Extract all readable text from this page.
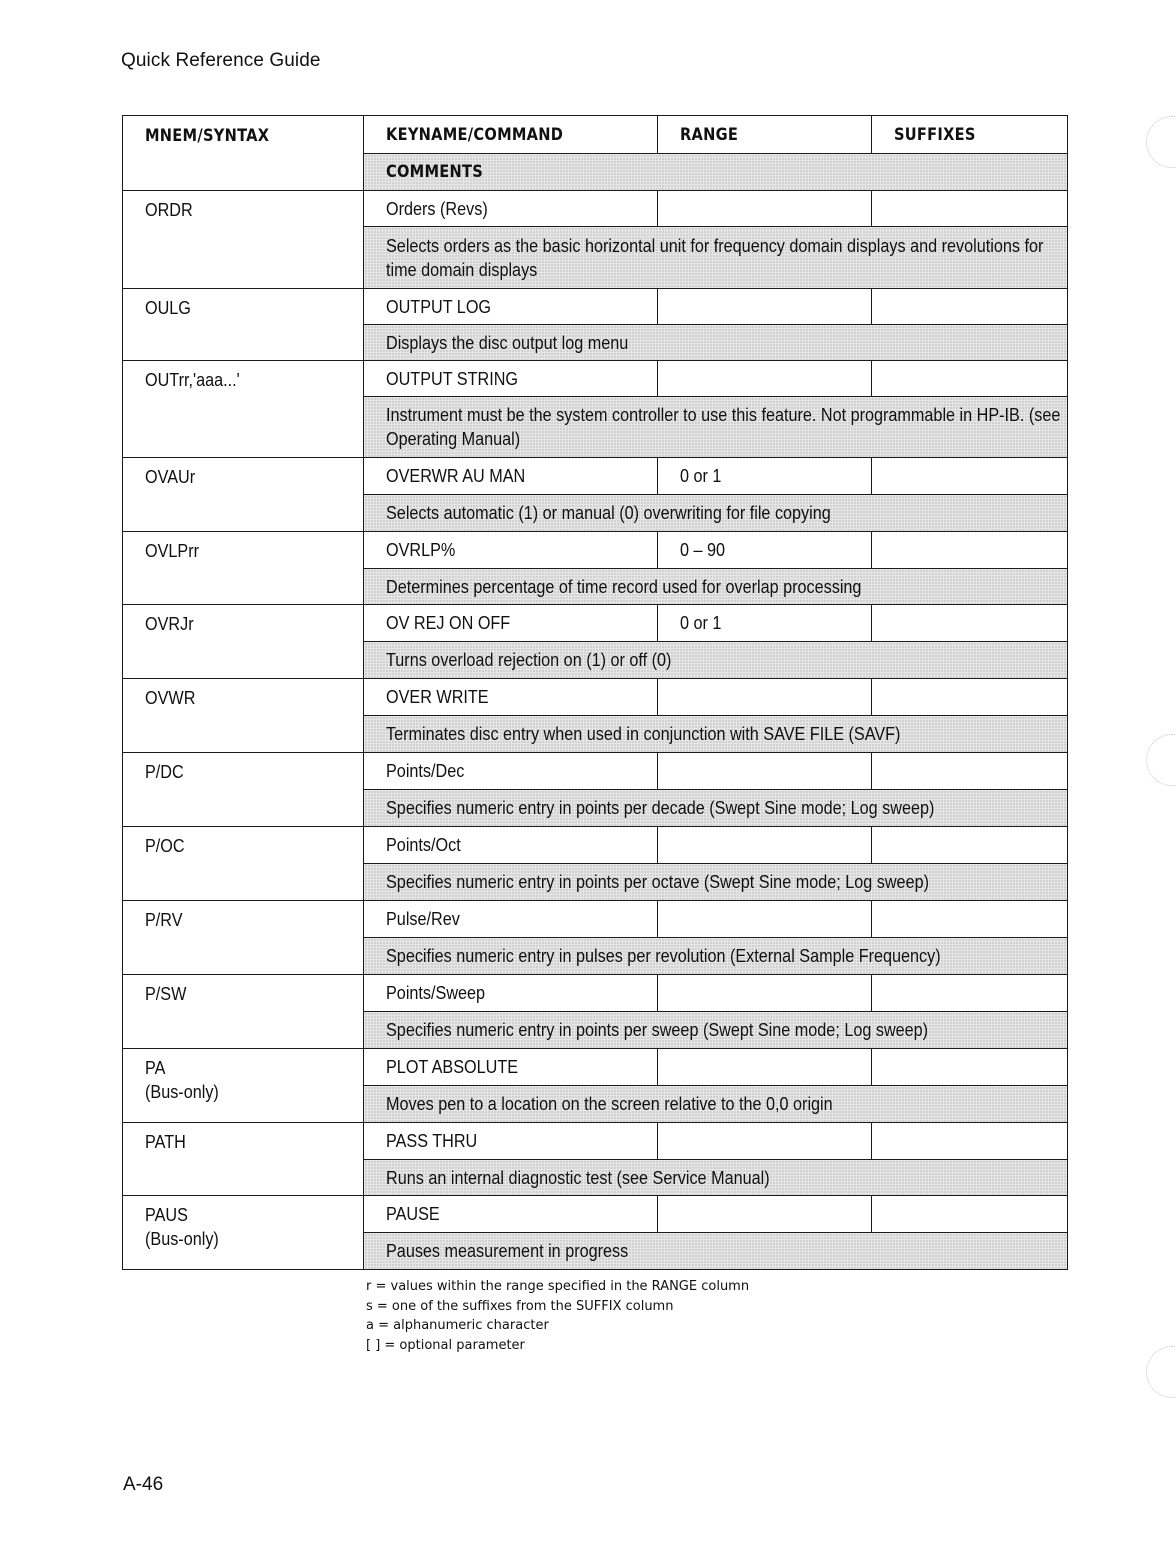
Quick Reference Guide
MNEM/SYNTAX	KEYNAME/COMMAND	RANGE	SUFFIXES
	COMMENTS		
ORDR	Orders (Revs)		

	Selects orders as the basic horizontal unit for frequency domain displays and revolutions for time domain displays		

OULG	OUTPUT LOG		
	Displays the disc output log menu		
OUTrr,'aaa...'	OUTPUT STRING		

	Instrument must be the system controller to use this feature. Not programmable in HP-IB. (see Operating Manual)		

OVAUr	OVERWR AU MAN	0 or 1	
	Selects automatic (1) or manual (0) overwriting for file copying		
OVLPrr	OVRLP%	0 – 90	
	Determines percentage of time record used for overlap processing		
OVRJr	OV REJ ON OFF	0 or 1	
	Turns overload rejection on (1) or off (0)		
OVWR	OVER WRITE		
	Terminates disc entry when used in conjunction with SAVE FILE (SAVF)		
P/DC	Points/Dec		
	Specifies numeric entry in points per decade (Swept Sine mode; Log sweep)		
P/OC	Points/Oct		
	Specifies numeric entry in points per octave (Swept Sine mode; Log sweep)		
P/RV	Pulse/Rev		
	Specifies numeric entry in pulses per revolution (External Sample Frequency)		
P/SW	Points/Sweep		
	Specifies numeric entry in points per sweep (Swept Sine mode; Log sweep)		
PA
(Bus-only)	PLOT ABSOLUTE		
	Moves pen to a location on the screen relative to the 0,0 origin		
PATH	PASS THRU		
	Runs an internal diagnostic test (see Service Manual)		
PAUS
(Bus-only)	PAUSE		
	Pauses measurement in progress		
r = values within the range specified in the RANGE column
s = one of the suffixes from the SUFFIX column
a = alphanumeric character
[ ] = optional parameter
A-46
